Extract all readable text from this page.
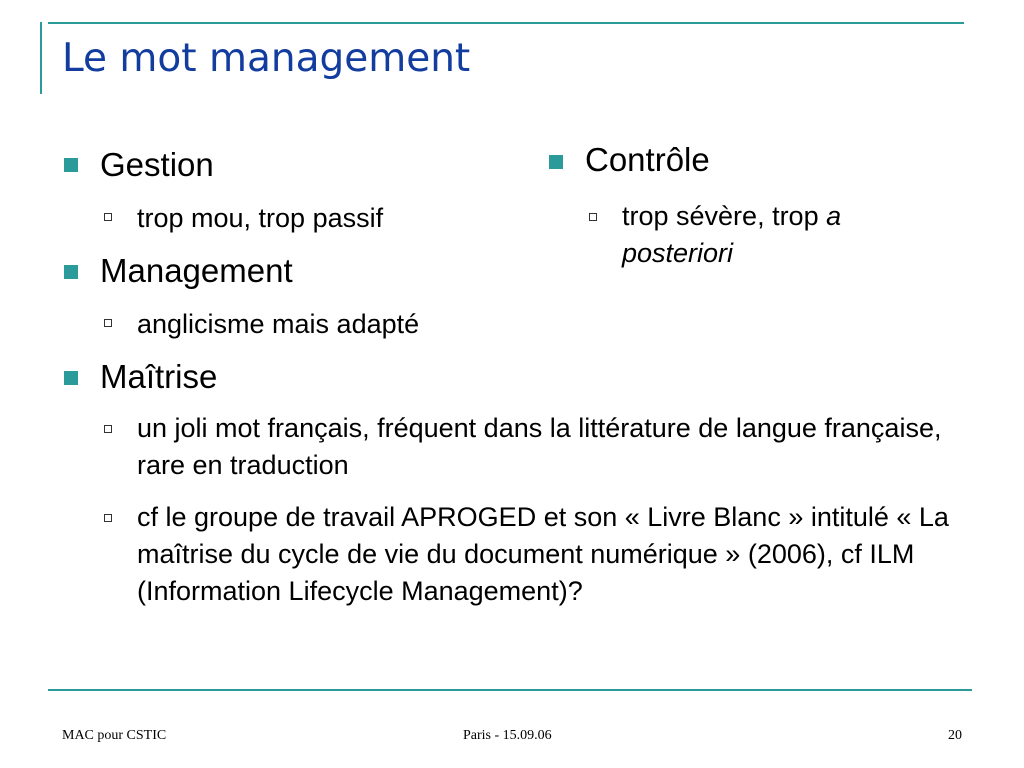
Le mot management
Gestion
trop mou, trop passif
Management
anglicisme mais adapté
Maîtrise
un joli mot français, fréquent dans la littérature de langue française, rare en traduction
cf le groupe de travail APROGED et son « Livre Blanc » intitulé « La maîtrise du cycle de vie du document numérique » (2006), cf ILM (Information Lifecycle Management)?
Contrôle
trop sévère, trop a posteriori
MAC pour CSTIC	Paris - 15.09.06	20
